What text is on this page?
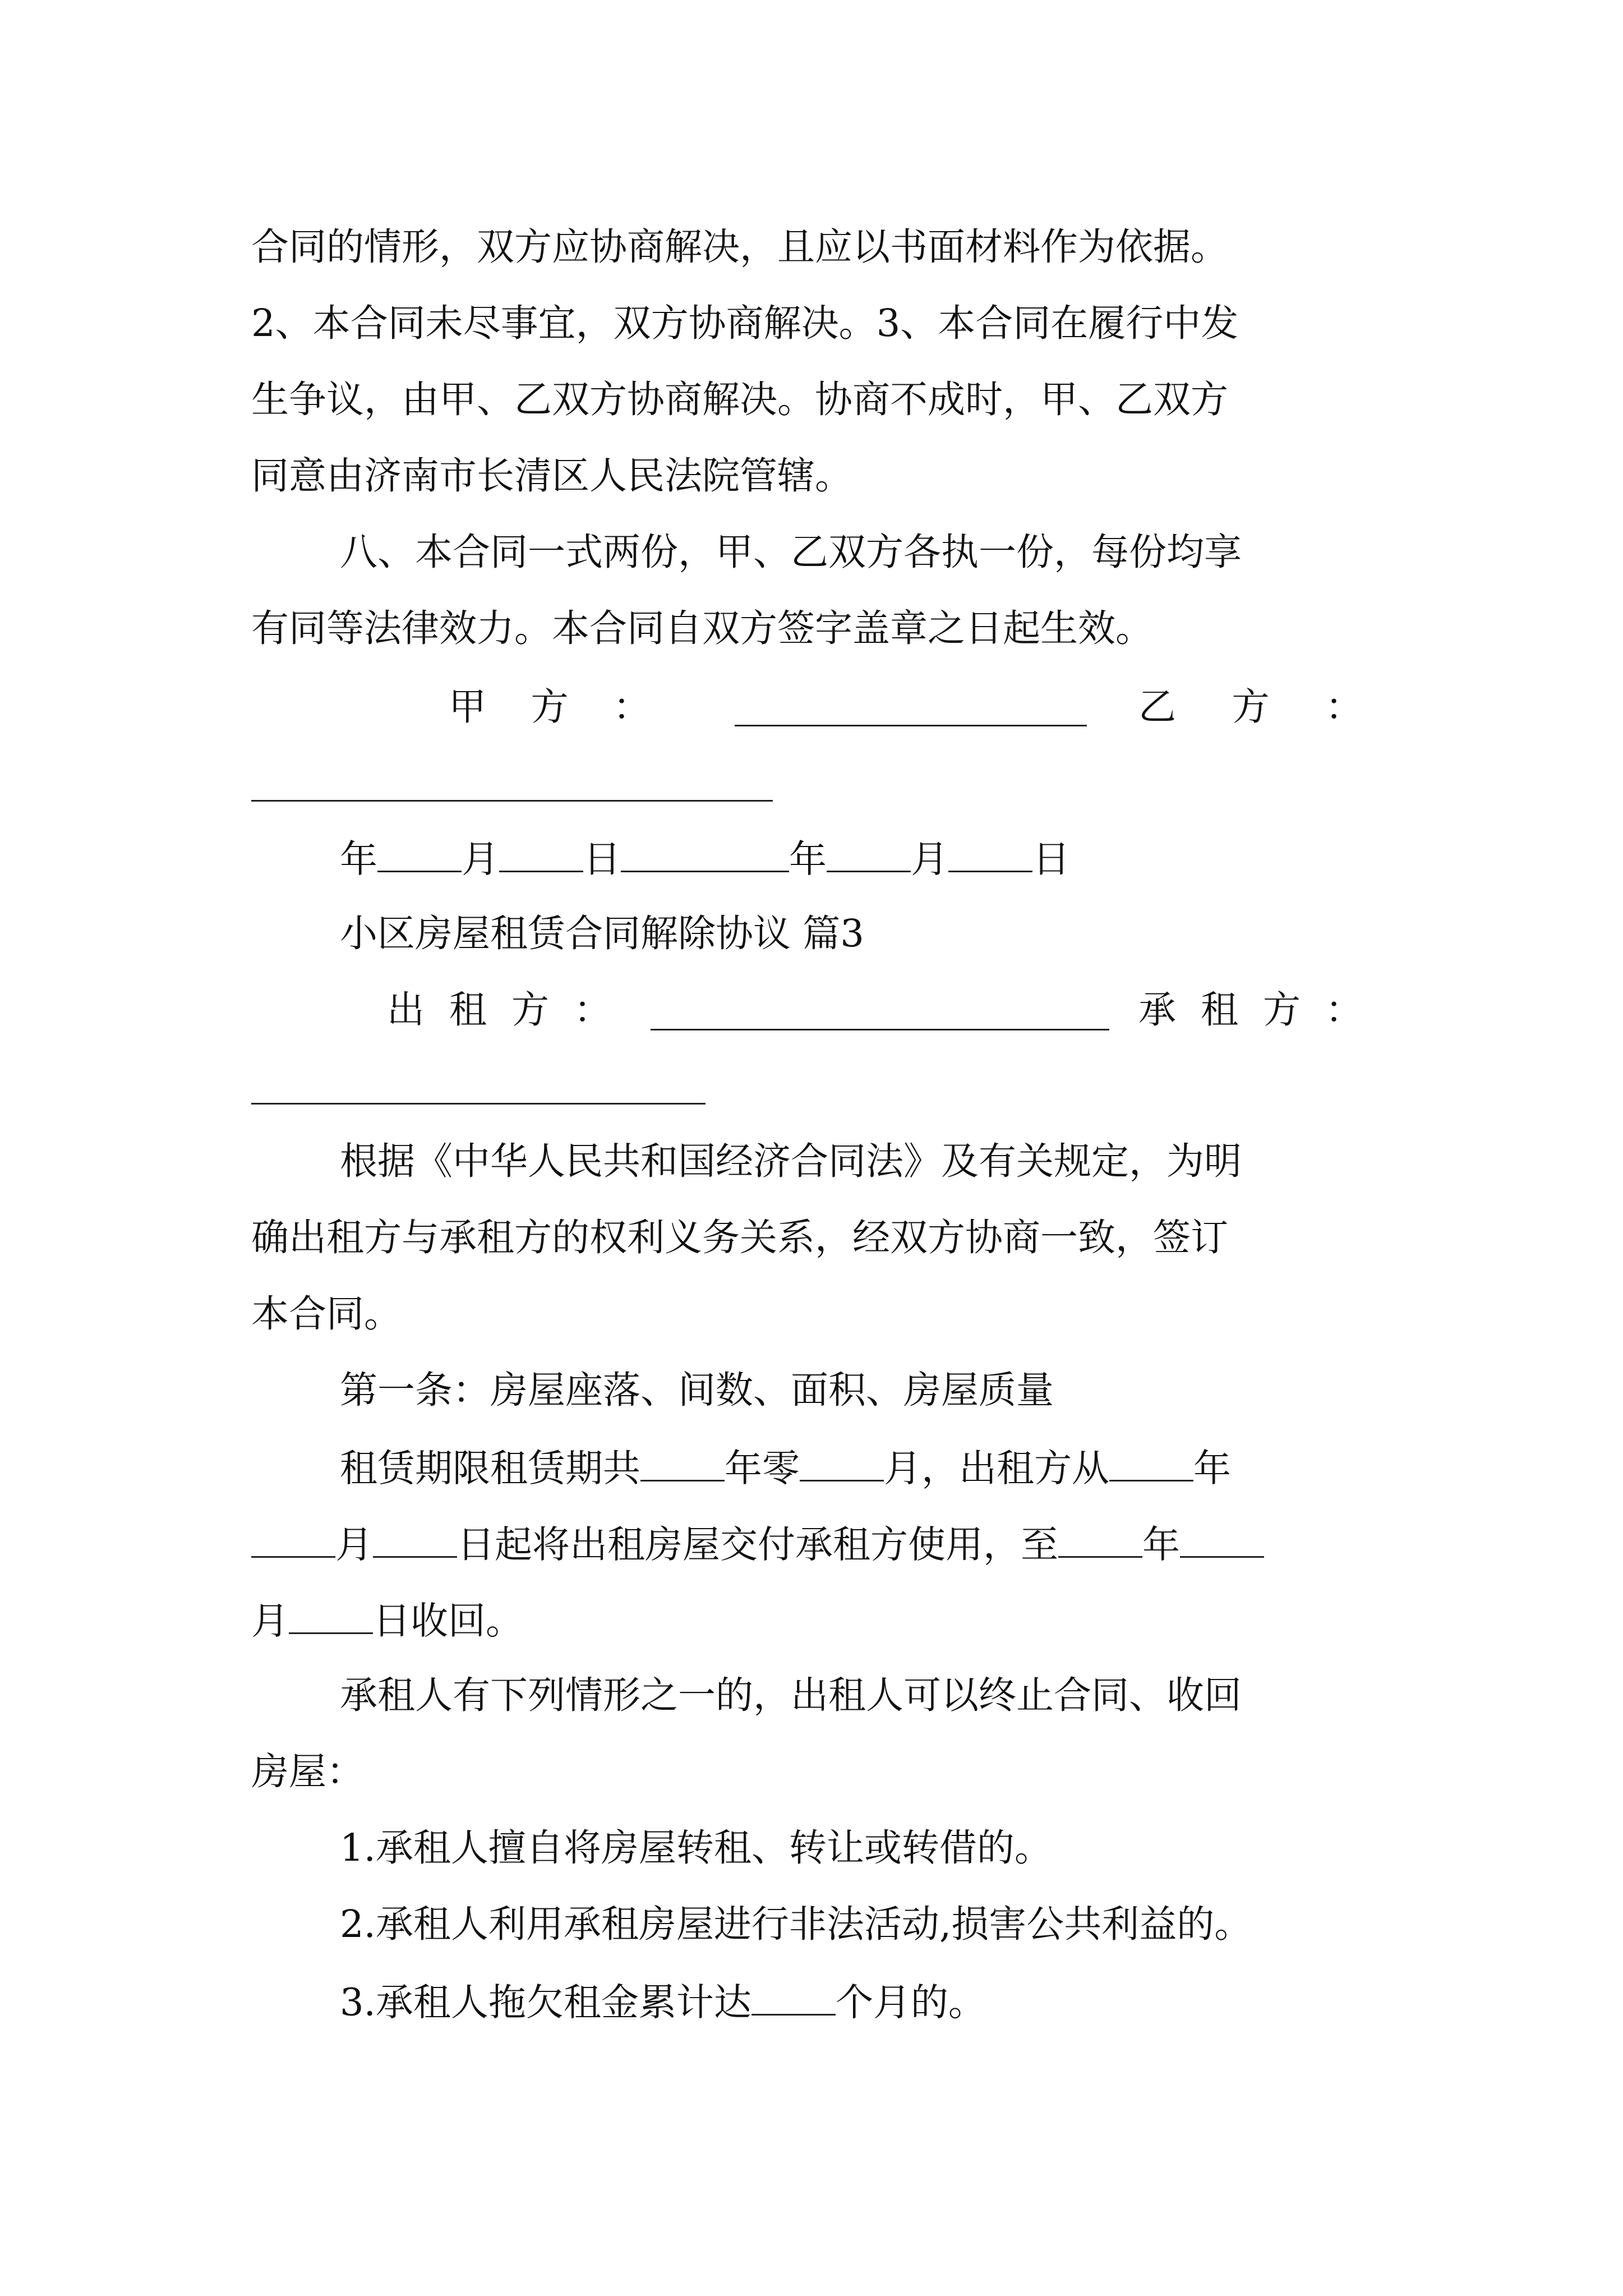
合同的情形，双方应协商解决，且应以书面材料作为依据。

2、本合同未尽事宜，双方协商解决。3、本合同在履行中发

生争议，由甲、乙双方协商解决。协商不成时，甲、乙双方

同意由济南市长清区人民法院管辖。

八、本合同一式两份，甲、乙双方各执一份，每份均享

有同等法律效力。本合同自双方签字盖章之日起生效。

甲 方 ：	乙 方 ：

年 月 日	年 月 日

小区房屋租赁合同解除协议 篇3

出 租 方 ：	承 租 方 ：

根据《中华人民共和国经济合同法》及有关规定，为明

确出租方与承租方的权利义务关系，经双方协商一致，签订

本合同。

第一条：房屋座落、间数、面积、房屋质量

租赁期限租赁期共 年零 月，出租方从 年

月 日起将出租房屋交付承租方使用，至 年

月 日收回。

承租人有下列情形之一的，出租人可以终止合同、收回

房屋：

1.承租人擅自将房屋转租、转让或转借的。

2.承租人利用承租房屋进行非法活动,损害公共利益的。

3.承租人拖欠租金累计达 个月的。
